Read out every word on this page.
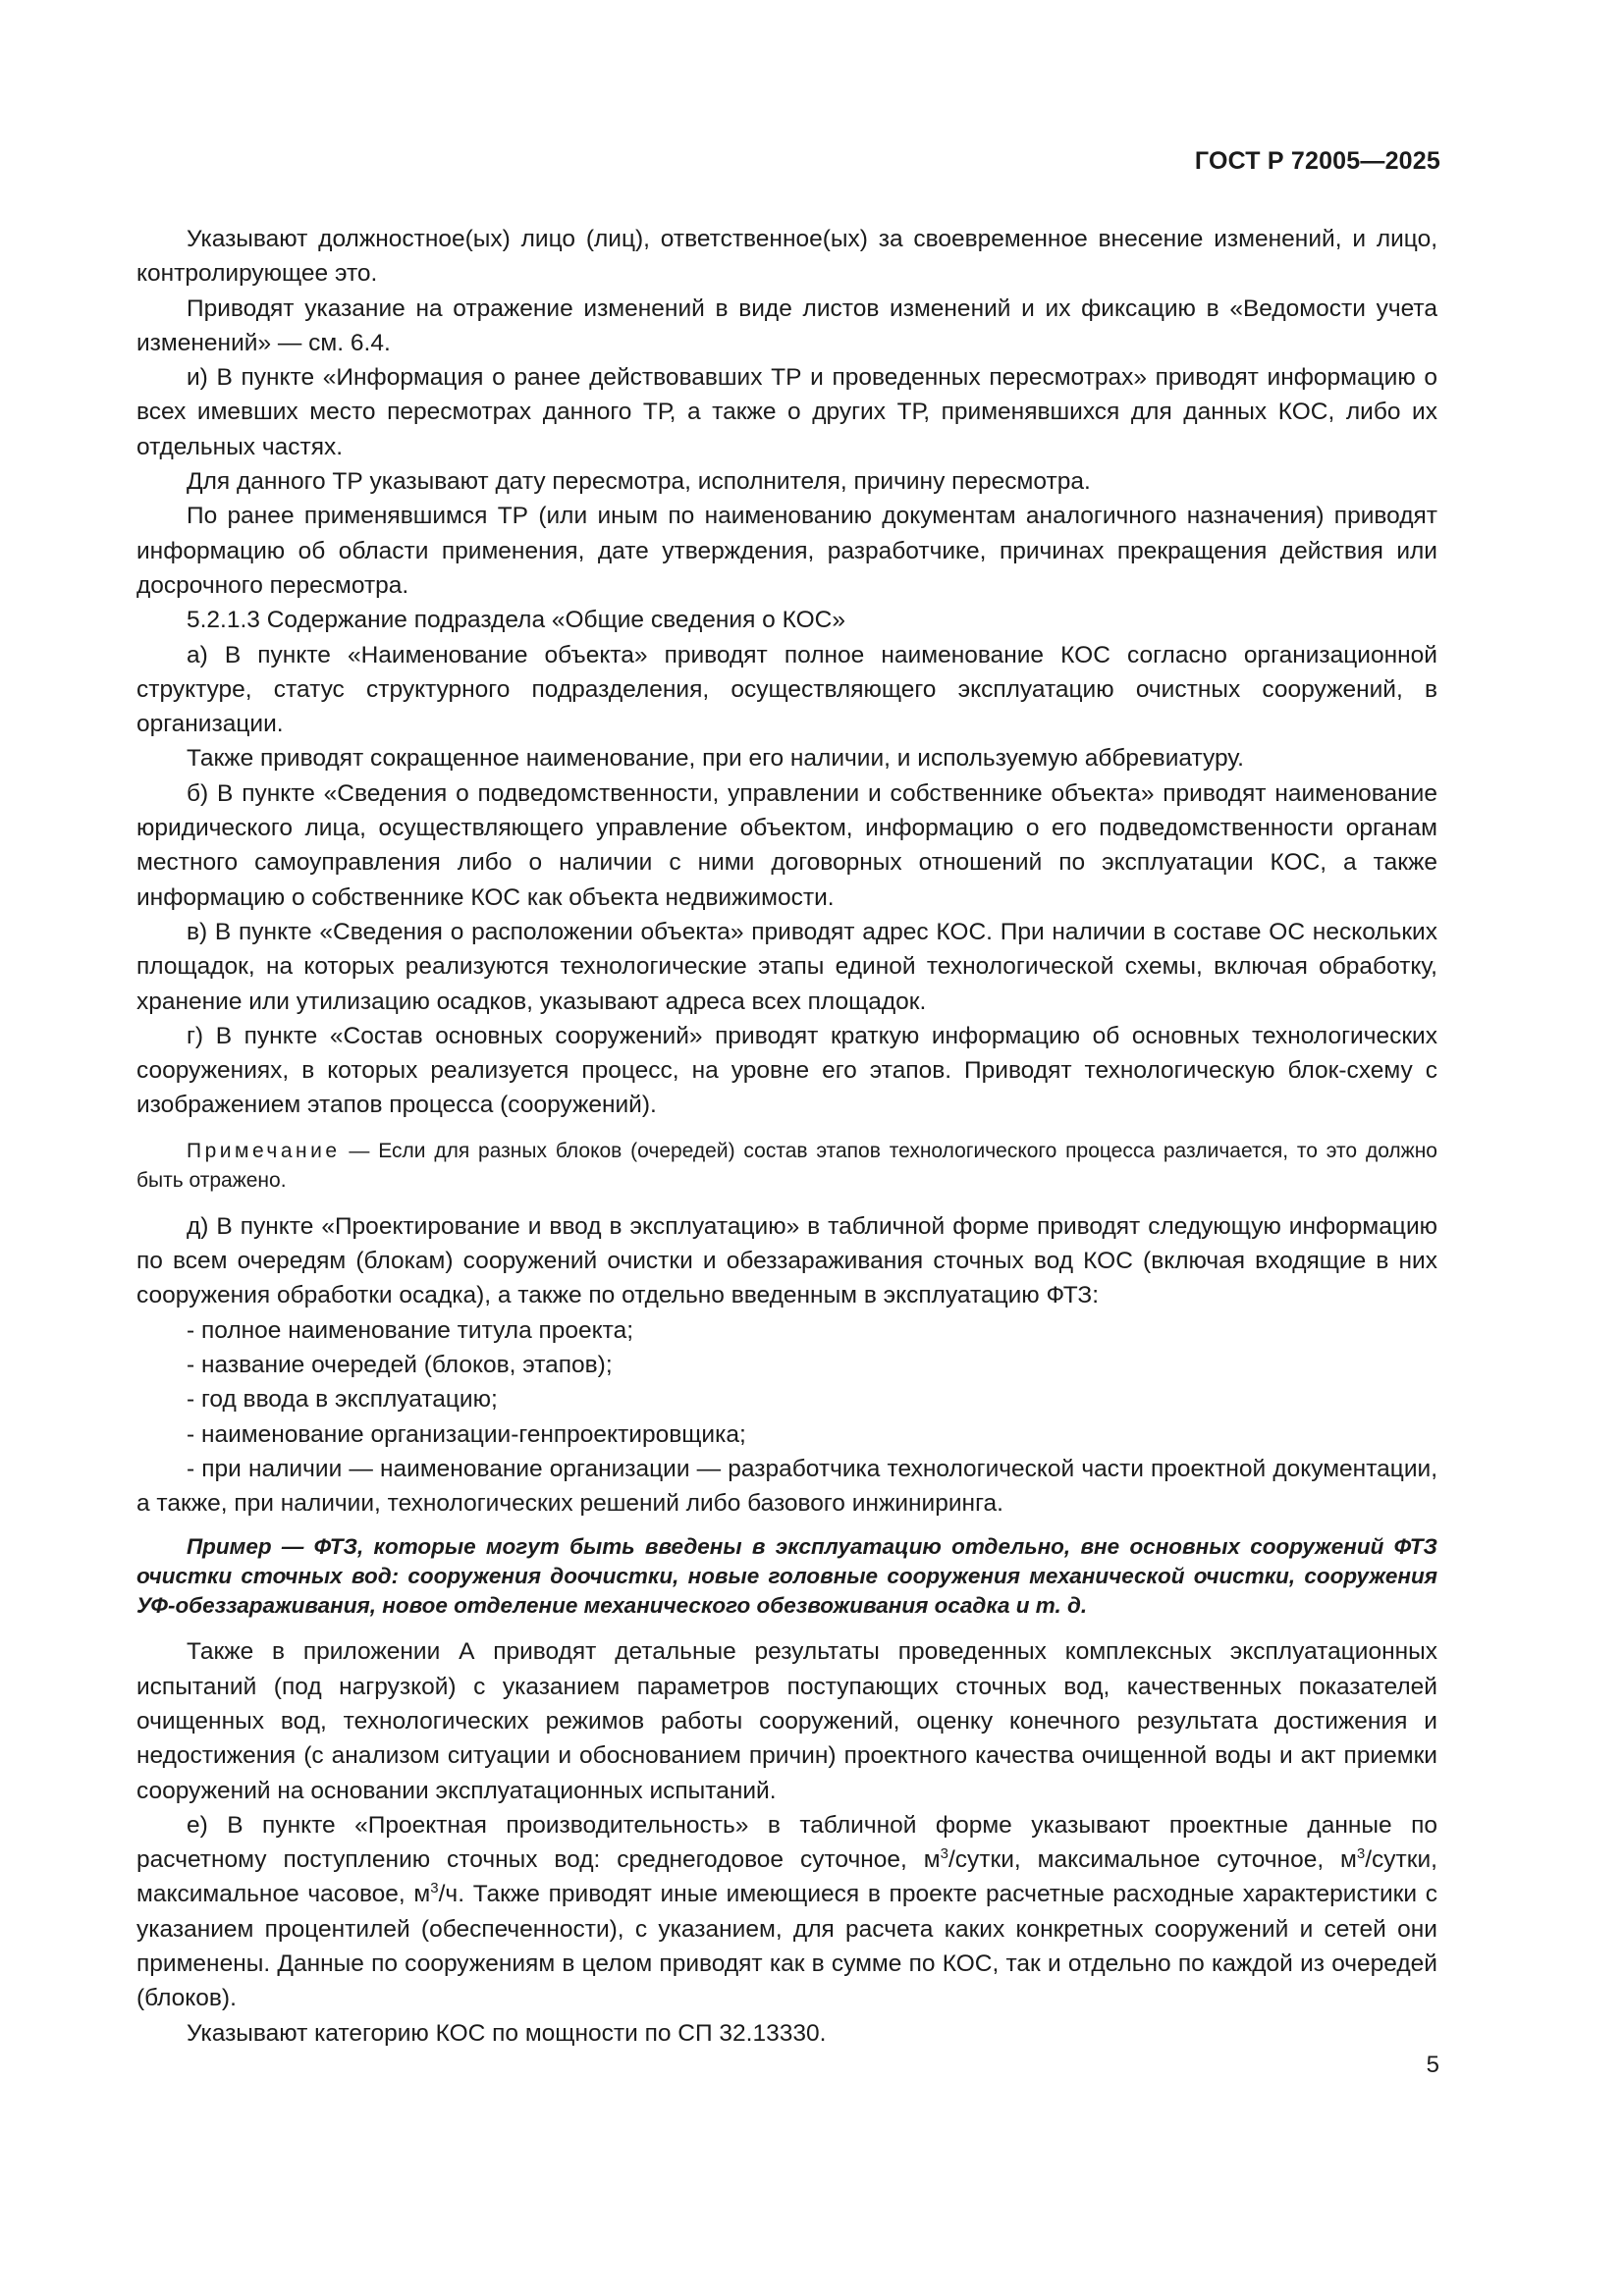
ГОСТ Р 72005—2025

Указывают должностное(ых) лицо (лиц), ответственное(ых) за своевременное внесение изменений, и лицо, контролирующее это.

Приводят указание на отражение изменений в виде листов изменений и их фиксацию в «Ведомости учета изменений» — см. 6.4.

и) В пункте «Информация о ранее действовавших ТР и проведенных пересмотрах» приводят информацию о всех имевших место пересмотрах данного ТР, а также о других ТР, применявшихся для данных КОС, либо их отдельных частях.

Для данного ТР указывают дату пересмотра, исполнителя, причину пересмотра.

По ранее применявшимся ТР (или иным по наименованию документам аналогичного назначения) приводят информацию об области применения, дате утверждения, разработчике, причинах прекращения действия или досрочного пересмотра.

5.2.1.3 Содержание подраздела «Общие сведения о КОС»

а) В пункте «Наименование объекта» приводят полное наименование КОС согласно организационной структуре, статус структурного подразделения, осуществляющего эксплуатацию очистных сооружений, в организации.

Также приводят сокращенное наименование, при его наличии, и используемую аббревиатуру.

б) В пункте «Сведения о подведомственности, управлении и собственнике объекта» приводят наименование юридического лица, осуществляющего управление объектом, информацию о его подведомственности органам местного самоуправления либо о наличии с ними договорных отношений по эксплуатации КОС, а также информацию о собственнике КОС как объекта недвижимости.

в) В пункте «Сведения о расположении объекта» приводят адрес КОС. При наличии в составе ОС нескольких площадок, на которых реализуются технологические этапы единой технологической схемы, включая обработку, хранение или утилизацию осадков, указывают адреса всех площадок.

г) В пункте «Состав основных сооружений» приводят краткую информацию об основных технологических сооружениях, в которых реализуется процесс, на уровне его этапов. Приводят технологическую блок-схему с изображением этапов процесса (сооружений).

Примечание — Если для разных блоков (очередей) состав этапов технологического процесса различается, то это должно быть отражено.

д) В пункте «Проектирование и ввод в эксплуатацию» в табличной форме приводят следующую информацию по всем очередям (блокам) сооружений очистки и обеззараживания сточных вод КОС (включая входящие в них сооружения обработки осадка), а также по отдельно введенным в эксплуатацию ФТЗ:

- полное наименование титула проекта;

- название очередей (блоков, этапов);

- год ввода в эксплуатацию;

- наименование организации-генпроектировщика;

- при наличии — наименование организации — разработчика технологической части проектной документации, а также, при наличии, технологических решений либо базового инжиниринга.

Пример — ФТЗ, которые могут быть введены в эксплуатацию отдельно, вне основных сооружений ФТЗ очистки сточных вод: сооружения доочистки, новые головные сооружения механической очистки, сооружения УФ-обеззараживания, новое отделение механического обезвоживания осадка и т. д.

Также в приложении А приводят детальные результаты проведенных комплексных эксплуатационных испытаний (под нагрузкой) с указанием параметров поступающих сточных вод, качественных показателей очищенных вод, технологических режимов работы сооружений, оценку конечного результата достижения и недостижения (с анализом ситуации и обоснованием причин) проектного качества очищенной воды и акт приемки сооружений на основании эксплуатационных испытаний.

е) В пункте «Проектная производительность» в табличной форме указывают проектные данные по расчетному поступлению сточных вод: среднегодовое суточное, $м^3$/сутки, максимальное суточное, $м^3$/сутки, максимальное часовое, $м^3/ч$. Также приводят иные имеющиеся в проекте расчетные расходные характеристики с указанием процентилей (обеспеченности), с указанием, для расчета каких конкретных сооружений и сетей они применены. Данные по сооружениям в целом приводят как в сумме по КОС, так и отдельно по каждой из очередей (блоков).

Указывают категорию КОС по мощности по СП 32.13330.

5
